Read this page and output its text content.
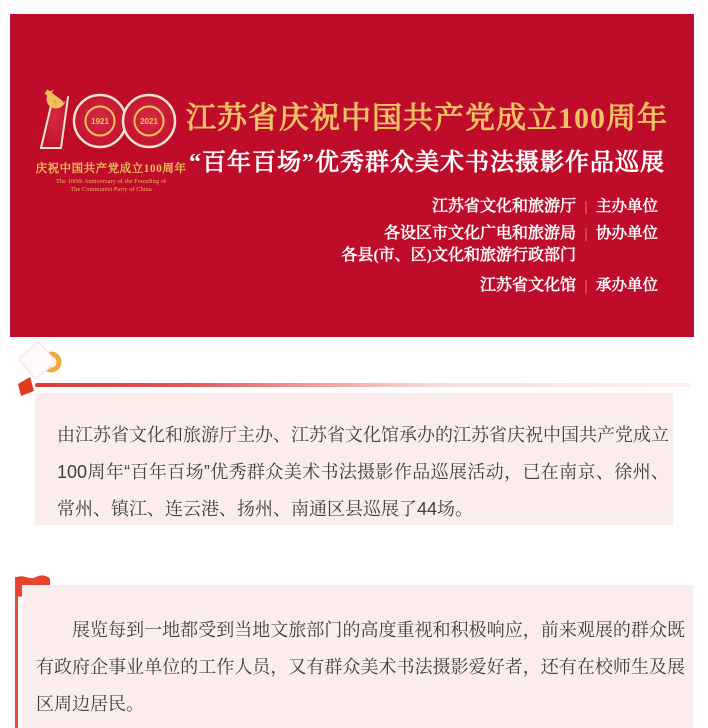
1921	2021
庆祝中国共产党成立100周年
The 100th Anniversary of the Founding of
The Communist Party of China
江苏省庆祝中国共产党成立100周年
“百年百场”优秀群众美术书法摄影作品巡展
江苏省文化和旅游厅 | 主办单位
各设区市文化广电和旅游局 | 协办单位
各县(市、区)文化和旅游行政部门
江苏省文化馆 | 承办单位

由江苏省文化和旅游厅主办、江苏省文化馆承办的江苏省庆祝中国共产党成立100周年“百年百场”优秀群众美术书法摄影作品巡展活动，已在南京、徐州、常州、镇江、连云港、扬州、南通区县巡展了44场。

展览每到一地都受到当地文旅部门的高度重视和积极响应，前来观展的群众既有政府企事业单位的工作人员，又有群众美术书法摄影爱好者，还有在校师生及展区周边居民。
